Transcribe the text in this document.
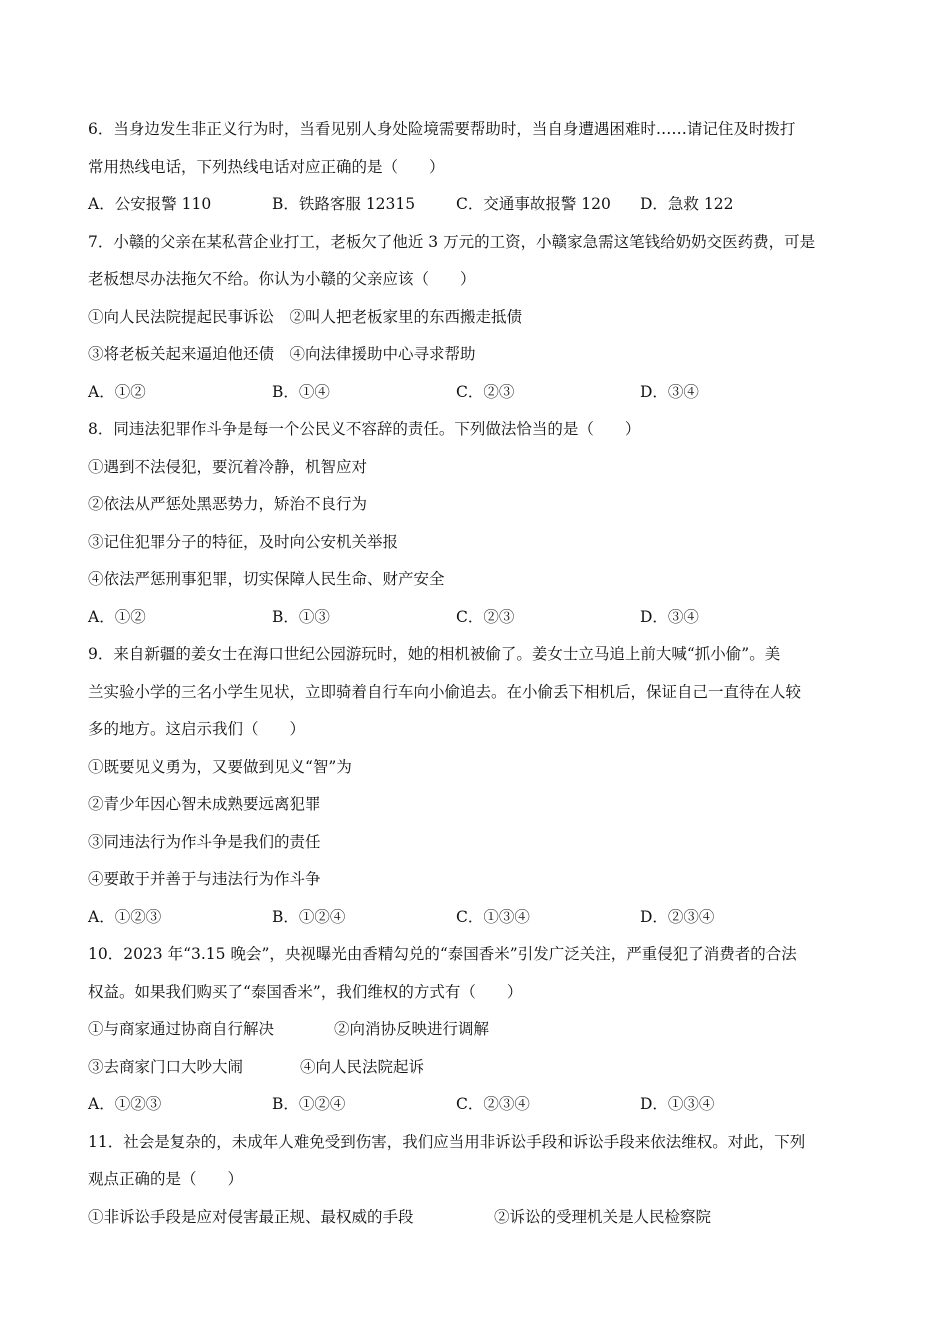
6．当身边发生非正义行为时，当看见别人身处险境需要帮助时，当自身遭遇困难时……请记住及时拨打
常用热线电话，下列热线电话对应正确的是（　　）
A．公安报警 110	B．铁路客服 12315	C．交通事故报警 120	D．急救 122
7．小赣的父亲在某私营企业打工，老板欠了他近 3 万元的工资，小赣家急需这笔钱给奶奶交医药费，可是
老板想尽办法拖欠不给。你认为小赣的父亲应该（　　）
①向人民法院提起民事诉讼　②叫人把老板家里的东西搬走抵债
③将老板关起来逼迫他还债　④向法律援助中心寻求帮助
A．①②	B．①④	C．②③	D．③④
8．同违法犯罪作斗争是每一个公民义不容辞的责任。下列做法恰当的是（　　）
①遇到不法侵犯，要沉着冷静，机智应对
②依法从严惩处黑恶势力，矫治不良行为
③记住犯罪分子的特征，及时向公安机关举报
④依法严惩刑事犯罪，切实保障人民生命、财产安全
A．①②	B．①③	C．②③	D．③④
9．来自新疆的姜女士在海口世纪公园游玩时，她的相机被偷了。姜女士立马追上前大喊“抓小偷”。美
兰实验小学的三名小学生见状，立即骑着自行车向小偷追去。在小偷丢下相机后，保证自己一直待在人较
多的地方。这启示我们（　　）
①既要见义勇为，又要做到见义“智”为
②青少年因心智未成熟要远离犯罪
③同违法行为作斗争是我们的责任
④要敢于并善于与违法行为作斗争
A．①②③	B．①②④	C．①③④	D．②③④
10．2023 年“3.15 晚会”，央视曝光由香精勾兑的“泰国香米”引发广泛关注，严重侵犯了消费者的合法
权益。如果我们购买了“泰国香米”，我们维权的方式有（　　）
①与商家通过协商自行解决	②向消协反映进行调解
③去商家门口大吵大闹	④向人民法院起诉
A．①②③	B．①②④	C．②③④	D．①③④
11．社会是复杂的，未成年人难免受到伤害，我们应当用非诉讼手段和诉讼手段来依法维权。对此，下列
观点正确的是（　　）
①非诉讼手段是应对侵害最正规、最权威的手段	②诉讼的受理机关是人民检察院
